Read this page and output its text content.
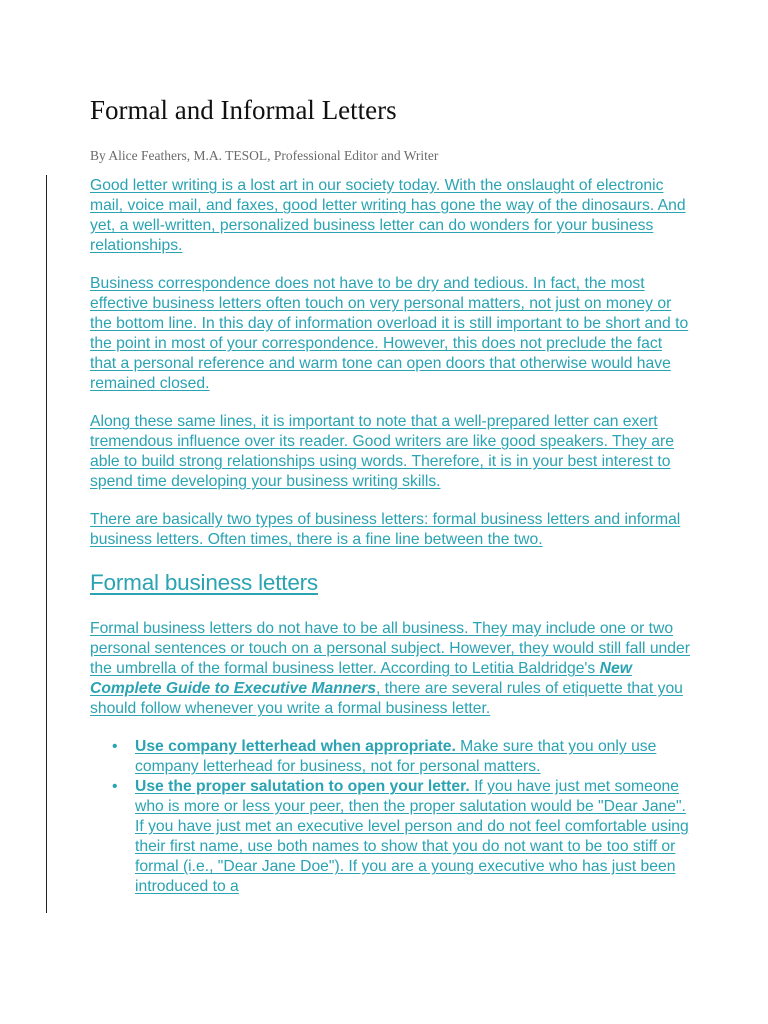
Formal and Informal Letters

By Alice Feathers, M.A. TESOL, Professional Editor and Writer

Good letter writing is a lost art in our society today. With the onslaught of electronic mail, voice mail, and faxes, good letter writing has gone the way of the dinosaurs. And yet, a well-written, personalized business letter can do wonders for your business relationships.

Business correspondence does not have to be dry and tedious. In fact, the most effective business letters often touch on very personal matters, not just on money or the bottom line. In this day of information overload it is still important to be short and to the point in most of your correspondence. However, this does not preclude the fact that a personal reference and warm tone can open doors that otherwise would have remained closed.

Along these same lines, it is important to note that a well-prepared letter can exert tremendous influence over its reader. Good writers are like good speakers. They are able to build strong relationships using words. Therefore, it is in your best interest to spend time developing your business writing skills.

There are basically two types of business letters: formal business letters and informal business letters. Often times, there is a fine line between the two.

Formal business letters

Formal business letters do not have to be all business. They may include one or two personal sentences or touch on a personal subject. However, they would still fall under the umbrella of the formal business letter. According to Letitia Baldridge's New Complete Guide to Executive Manners, there are several rules of etiquette that you should follow whenever you write a formal business letter.

• Use company letterhead when appropriate. Make sure that you only use company letterhead for business, not for personal matters.
• Use the proper salutation to open your letter. If you have just met someone who is more or less your peer, then the proper salutation would be "Dear Jane". If you have just met an executive level person and do not feel comfortable using their first name, use both names to show that you do not want to be too stiff or formal (i.e., "Dear Jane Doe"). If you are a young executive who has just been introduced to a
